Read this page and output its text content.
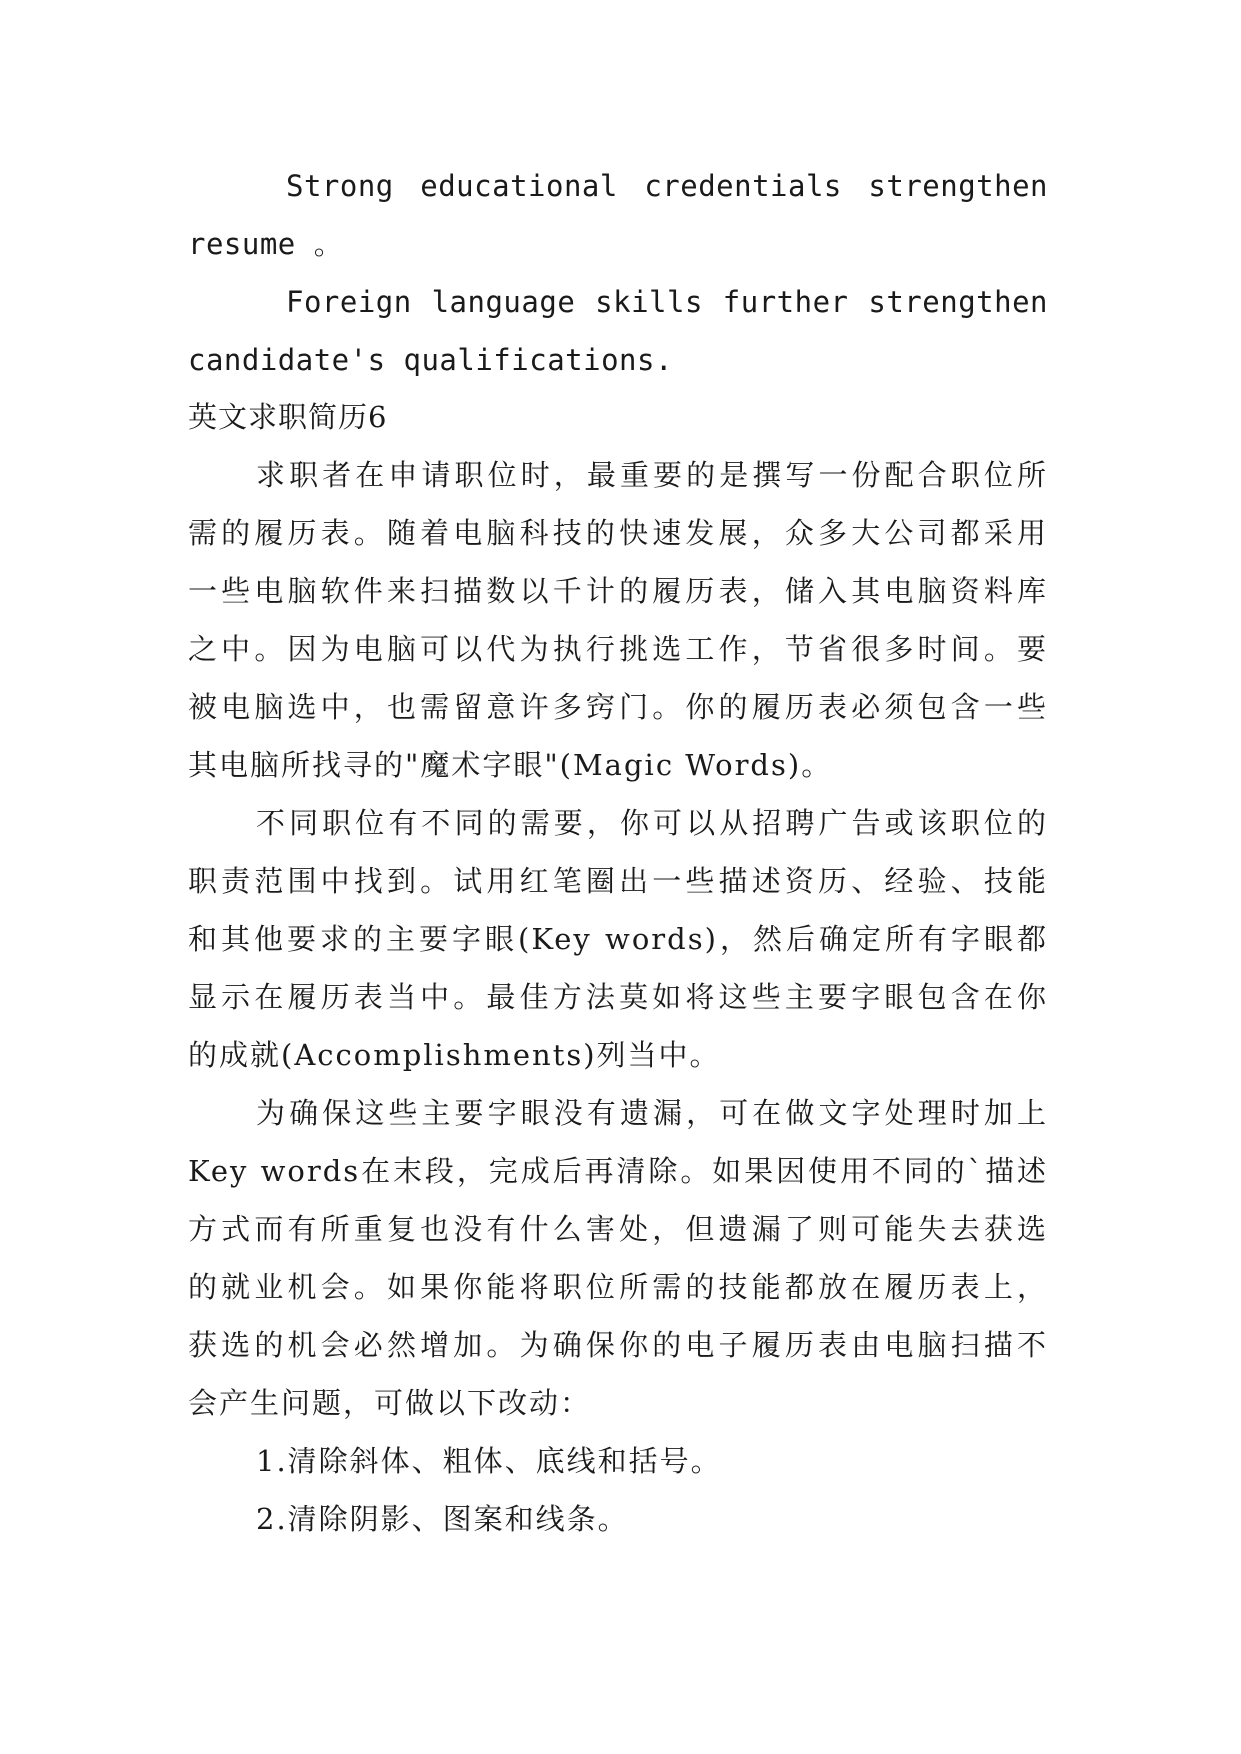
Strong educational credentials strengthen
resume 。
Foreign language skills further strengthen
candidate's qualifications.
英文求职简历6
求职者在申请职位时，最重要的是撰写一份配合职位所
需的履历表。随着电脑科技的快速发展，众多大公司都采用
一些电脑软件来扫描数以千计的履历表，储入其电脑资料库
之中。因为电脑可以代为执行挑选工作，节省很多时间。要
被电脑选中，也需留意许多窍门。你的履历表必须包含一些
其电脑所找寻的"魔术字眼"(Magic Words)。
不同职位有不同的需要，你可以从招聘广告或该职位的
职责范围中找到。试用红笔圈出一些描述资历、经验、技能
和其他要求的主要字眼(Key words)，然后确定所有字眼都
显示在履历表当中。最佳方法莫如将这些主要字眼包含在你
的成就(Accomplishments)列当中。
为确保这些主要字眼没有遗漏，可在做文字处理时加上
Key words在末段，完成后再清除。如果因使用不同的`描述
方式而有所重复也没有什么害处，但遗漏了则可能失去获选
的就业机会。如果你能将职位所需的技能都放在履历表上，
获选的机会必然增加。为确保你的电子履历表由电脑扫描不
会产生问题，可做以下改动：
1.清除斜体、粗体、底线和括号。
2.清除阴影、图案和线条。
